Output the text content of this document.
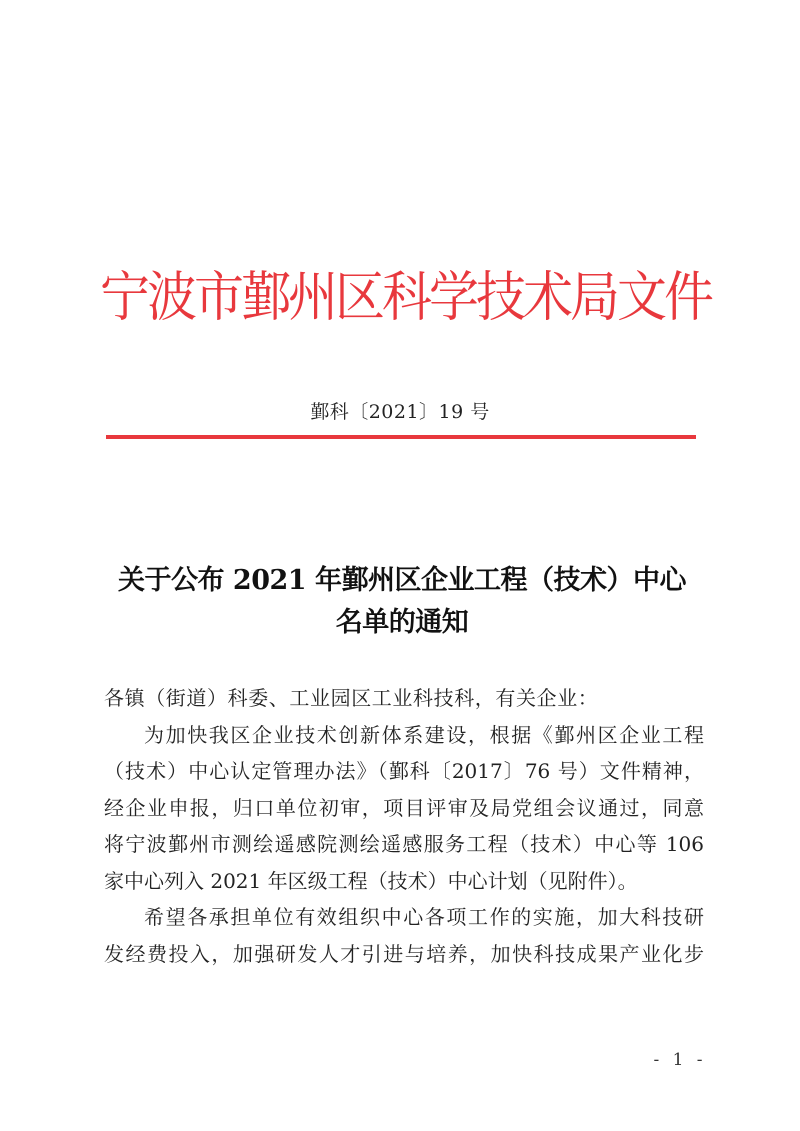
宁波市鄞州区科学技术局文件
鄞科〔2021〕19 号
关于公布 2021 年鄞州区企业工程（技术）中心
名单的通知

各镇（街道）科委、工业园区工业科技科，有关企业：

为加快我区企业技术创新体系建设，根据《鄞州区企业工程
（技术）中心认定管理办法》（鄞科〔2017〕76 号）文件精神，
经企业申报，归口单位初审，项目评审及局党组会议通过，同意
将宁波鄞州市测绘遥感院测绘遥感服务工程（技术）中心等 106
家中心列入 2021 年区级工程（技术）中心计划（见附件）。
希望各承担单位有效组织中心各项工作的实施，加大科技研
发经费投入，加强研发人才引进与培养，加快科技成果产业化步
- 1 -
